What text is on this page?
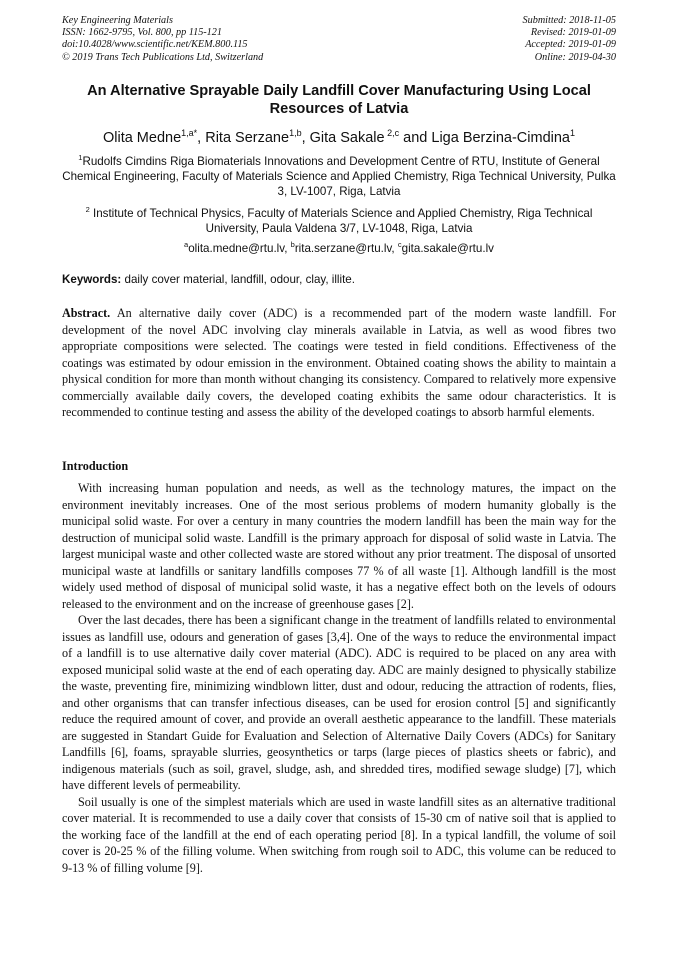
Key Engineering Materials
ISSN: 1662-9795, Vol. 800, pp 115-121
doi:10.4028/www.scientific.net/KEM.800.115
© 2019 Trans Tech Publications Ltd, Switzerland
Submitted: 2018-11-05
Revised: 2019-01-09
Accepted: 2019-01-09
Online: 2019-04-30
An Alternative Sprayable Daily Landfill Cover Manufacturing Using Local Resources of Latvia
Olita Medne$^{1,a*}$, Rita Serzane$^{1,b}$, Gita Sakale $^{2,c}$ and Liga Berzina-Cimdina$^1$
$^1$Rudolfs Cimdins Riga Biomaterials Innovations and Development Centre of RTU, Institute of General Chemical Engineering, Faculty of Materials Science and Applied Chemistry, Riga Technical University, Pulka 3, LV-1007, Riga, Latvia
$^2$ Institute of Technical Physics, Faculty of Materials Science and Applied Chemistry, Riga Technical University, Paula Valdena 3/7, LV-1048, Riga, Latvia
$^a$olita.medne@rtu.lv, $^b$rita.serzane@rtu.lv, $^c$gita.sakale@rtu.lv
Keywords: daily cover material, landfill, odour, clay, illite.
Abstract. An alternative daily cover (ADC) is a recommended part of the modern waste landfill. For development of the novel ADC involving clay minerals available in Latvia, as well as wood fibres two appropriate compositions were selected. The coatings were tested in field conditions. Effectiveness of the coatings was estimated by odour emission in the environment. Obtained coating shows the ability to maintain a physical condition for more than month without changing its consistency. Compared to relatively more expensive commercially available daily covers, the developed coating exhibits the same odour characteristics. It is recommended to continue testing and assess the ability of the developed coatings to absorb harmful elements.
Introduction

With increasing human population and needs, as well as the technology matures, the impact on the environment inevitably increases. One of the most serious problems of modern humanity globally is the municipal solid waste. For over a century in many countries the modern landfill has been the main way for the destruction of municipal solid waste. Landfill is the primary approach for disposal of solid waste in Latvia. The largest municipal waste and other collected waste are stored without any prior treatment. The disposal of unsorted municipal waste at landfills or sanitary landfills composes 77 % of all waste [1]. Although landfill is the most widely used method of disposal of municipal solid waste, it has a negative effect both on the levels of odours released to the environment and on the increase of greenhouse gases [2].

Over the last decades, there has been a significant change in the treatment of landfills related to environmental issues as landfill use, odours and generation of gases [3,4]. One of the ways to reduce the environmental impact of a landfill is to use alternative daily cover material (ADC). ADC is required to be placed on any area with exposed municipal solid waste at the end of each operating day. ADC are mainly designed to physically stabilize the waste, preventing fire, minimizing windblown litter, dust and odour, reducing the attraction of rodents, flies, and other organisms that can transfer infectious diseases, can be used for erosion control [5] and significantly reduce the required amount of cover, and provide an overall aesthetic appearance to the landfill. These materials are suggested in Standart Guide for Evaluation and Selection of Alternative Daily Covers (ADCs) for Sanitary Landfills [6], foams, sprayable slurries, geosynthetics or tarps (large pieces of plastics sheets or fabric), and indigenous materials (such as soil, gravel, sludge, ash, and shredded tires, modified sewage sludge) [7], which have different levels of permeability.

Soil usually is one of the simplest materials which are used in waste landfill sites as an alternative traditional cover material. It is recommended to use a daily cover that consists of 15-30 cm of native soil that is applied to the working face of the landfill at the end of each operating period [8]. In a typical landfill, the volume of soil cover is 20-25 % of the filling volume. When switching from rough soil to ADC, this volume can be reduced to 9-13 % of filling volume [9].
